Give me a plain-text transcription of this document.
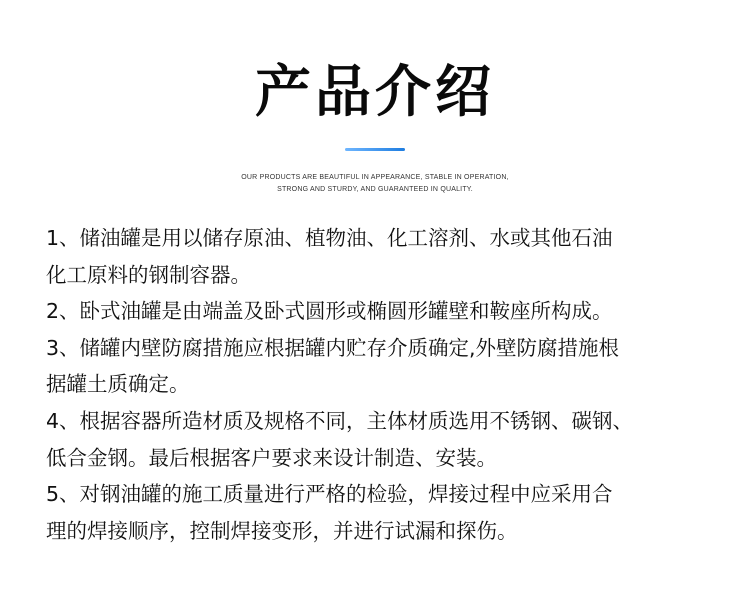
产品介绍
OUR PRODUCTS ARE BEAUTIFUL IN APPEARANCE, STABLE IN OPERATION,
STRONG AND STURDY, AND GUARANTEED IN QUALITY.

1、储油罐是用以储存原油、植物油、化工溶剂、水或其他石油
化工原料的钢制容器。

2、卧式油罐是由端盖及卧式圆形或椭圆形罐壁和鞍座所构成。

3、储罐内壁防腐措施应根据罐内贮存介质确定,外壁防腐措施根
据罐土质确定。

4、根据容器所造材质及规格不同，主体材质选用不锈钢、碳钢、
低合金钢。最后根据客户要求来设计制造、安装。

5、对钢油罐的施工质量进行严格的检验，焊接过程中应采用合
理的焊接顺序，控制焊接变形，并进行试漏和探伤。
